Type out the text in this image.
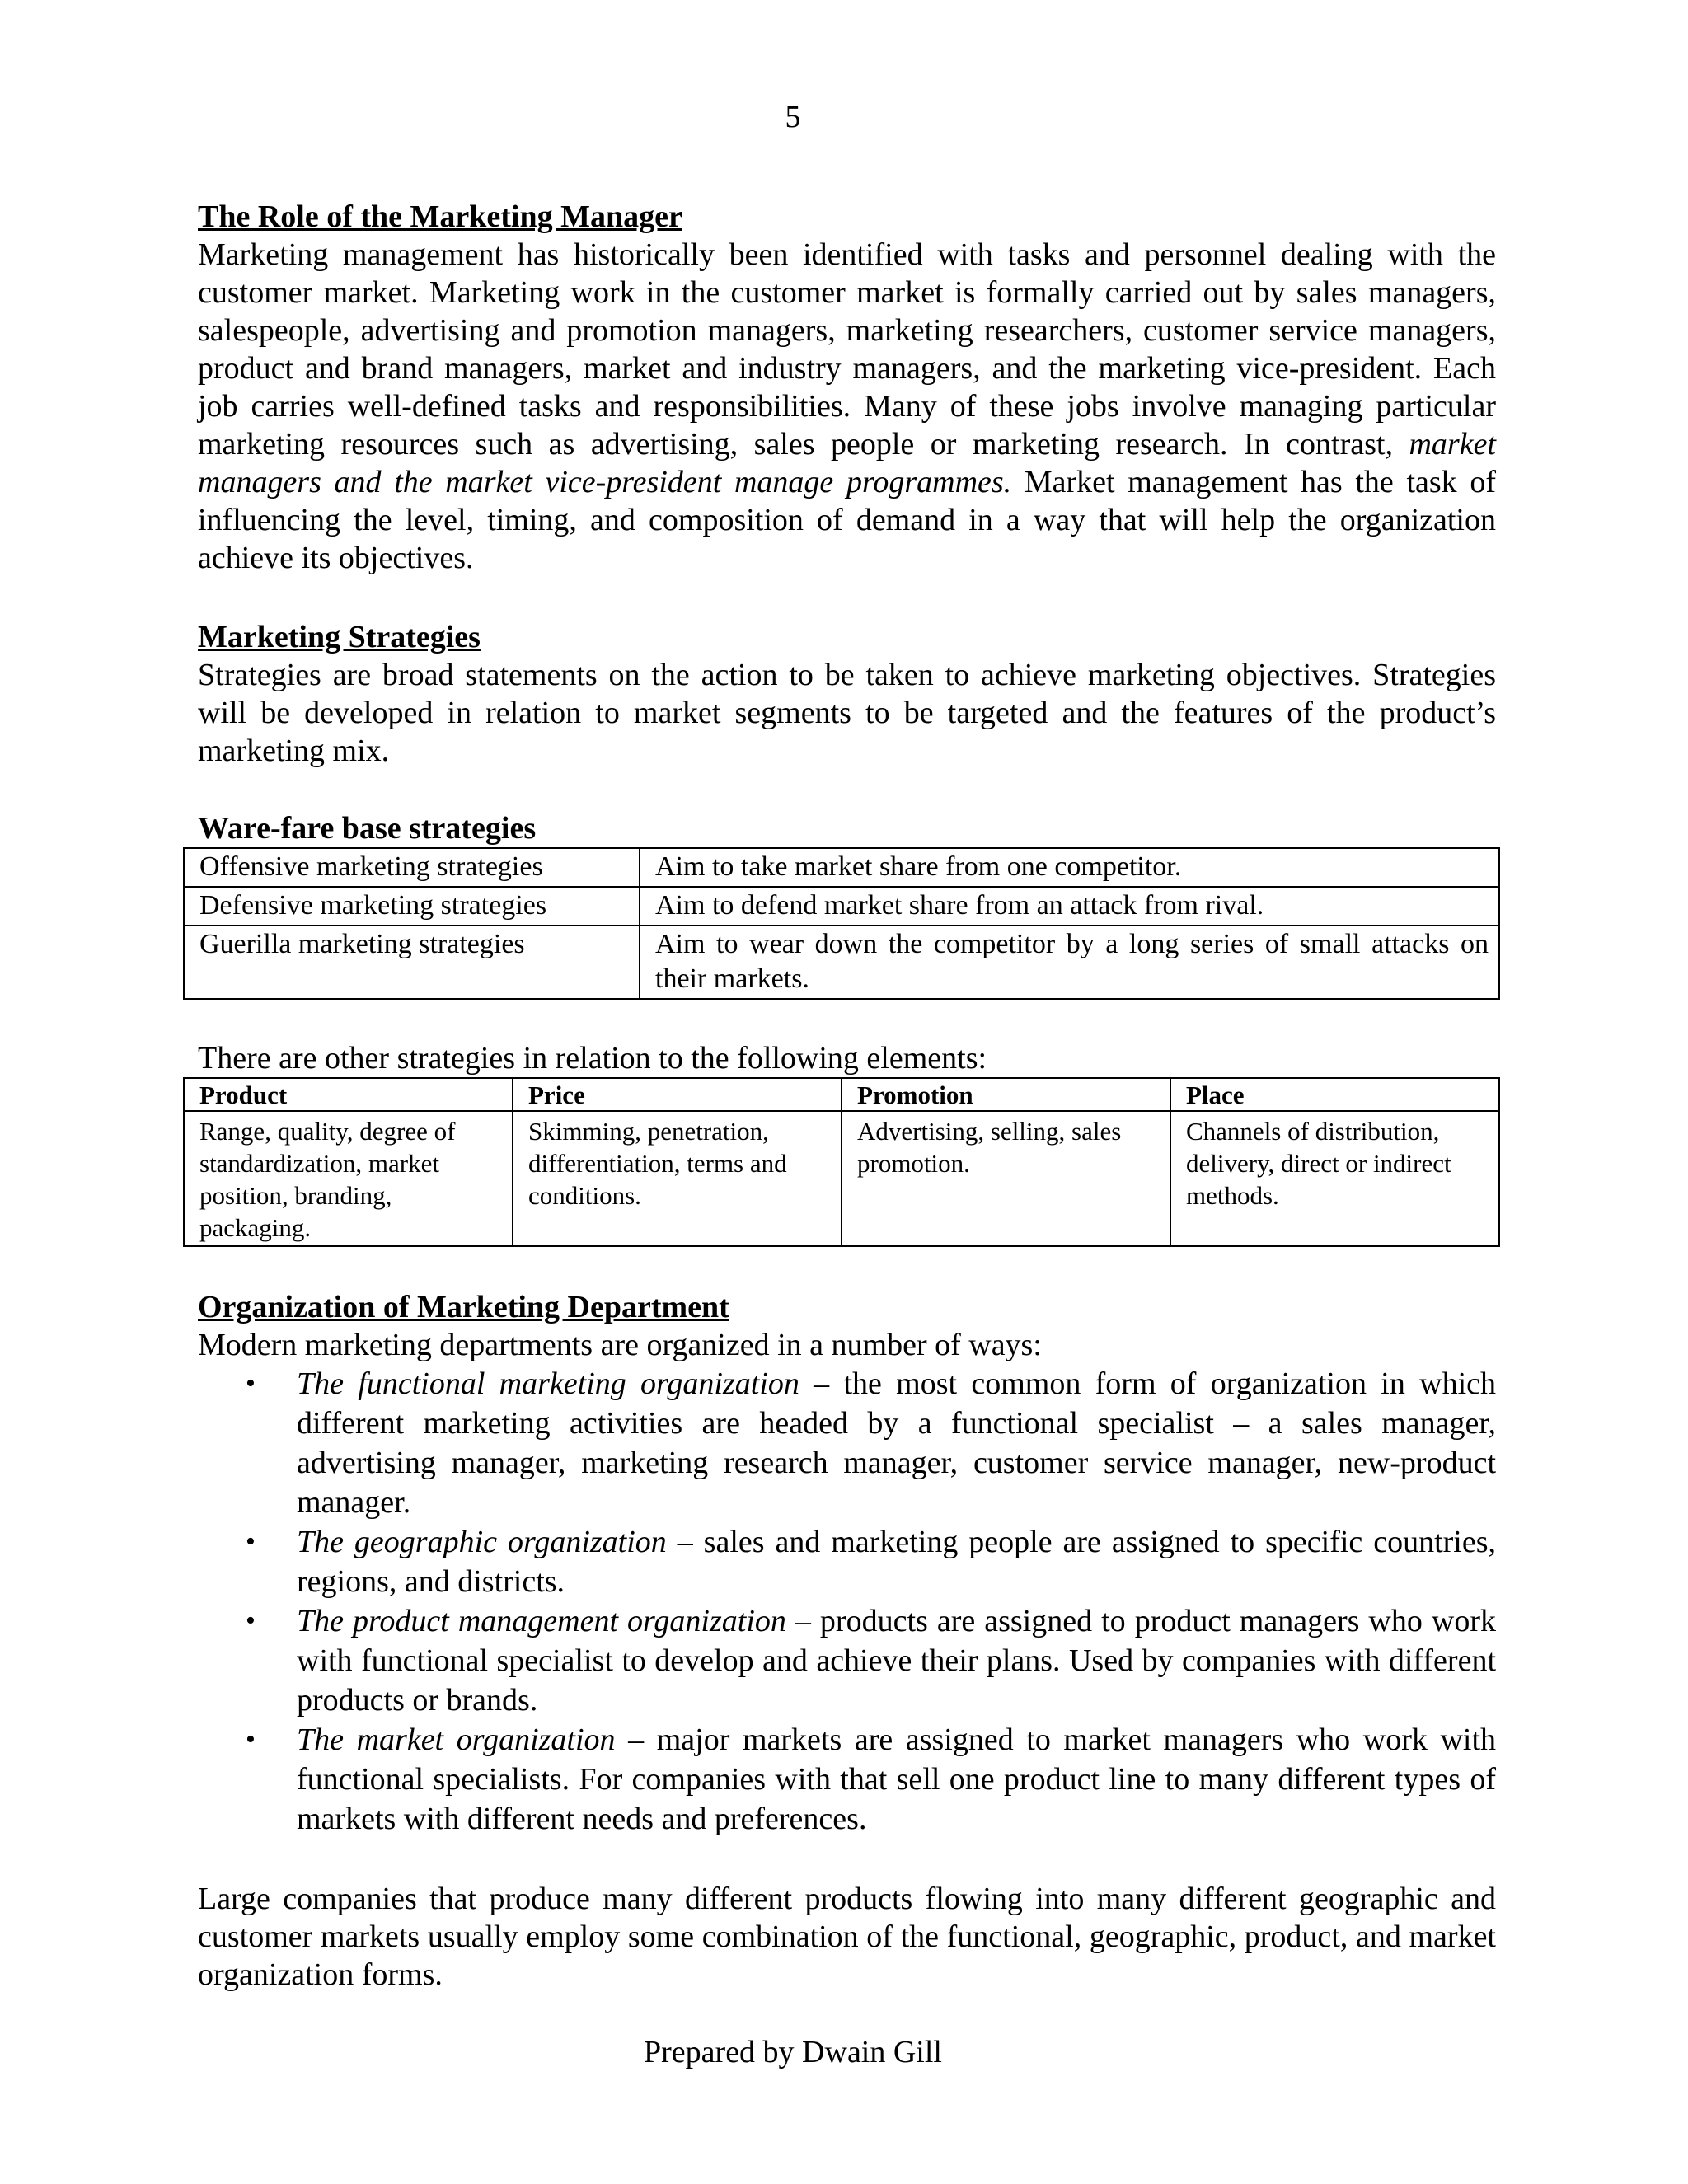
5
The Role of the Marketing Manager

Marketing management has historically been identified with tasks and personnel dealing with the customer market. Marketing work in the customer market is formally carried out by sales managers, salespeople, advertising and promotion managers, marketing researchers, customer service managers, product and brand managers, market and industry managers, and the marketing vice-president. Each job carries well-defined tasks and responsibilities. Many of these jobs involve managing particular marketing resources such as advertising, sales people or marketing research. In contrast, market managers and the market vice-president manage programmes. Market management has the task of influencing the level, timing, and composition of demand in a way that will help the organization achieve its objectives.

Marketing Strategies

Strategies are broad statements on the action to be taken to achieve marketing objectives. Strategies will be developed in relation to market segments to be targeted and the features of the product’s marketing mix.

Ware-fare base strategies
Offensive marketing strategies	Aim to take market share from one competitor.
Defensive marketing strategies	Aim to defend market share from an attack from rival.
Guerilla marketing strategies	Aim to wear down the competitor by a long series of small attacks on their markets.

There are other strategies in relation to the following elements:

Product	Price	Promotion	Place
Range, quality, degree of standardization, market position, branding, packaging.	Skimming, penetration, differentiation, terms and conditions.	Advertising, selling, sales promotion.	Channels of distribution, delivery, direct or indirect methods.
Organization of Marketing Department

Modern marketing departments are organized in a number of ways:

• The functional marketing organization – the most common form of organization in which different marketing activities are headed by a functional specialist – a sales manager, advertising manager, marketing research manager, customer service manager, new-product manager.
• The geographic organization – sales and marketing people are assigned to specific countries, regions, and districts.
• The product management organization – products are assigned to product managers who work with functional specialist to develop and achieve their plans. Used by companies with different products or brands.
• The market organization – major markets are assigned to market managers who work with functional specialists. For companies with that sell one product line to many different types of markets with different needs and preferences.

Large companies that produce many different products flowing into many different geographic and customer markets usually employ some combination of the functional, geographic, product, and market organization forms.

Prepared by Dwain Gill
